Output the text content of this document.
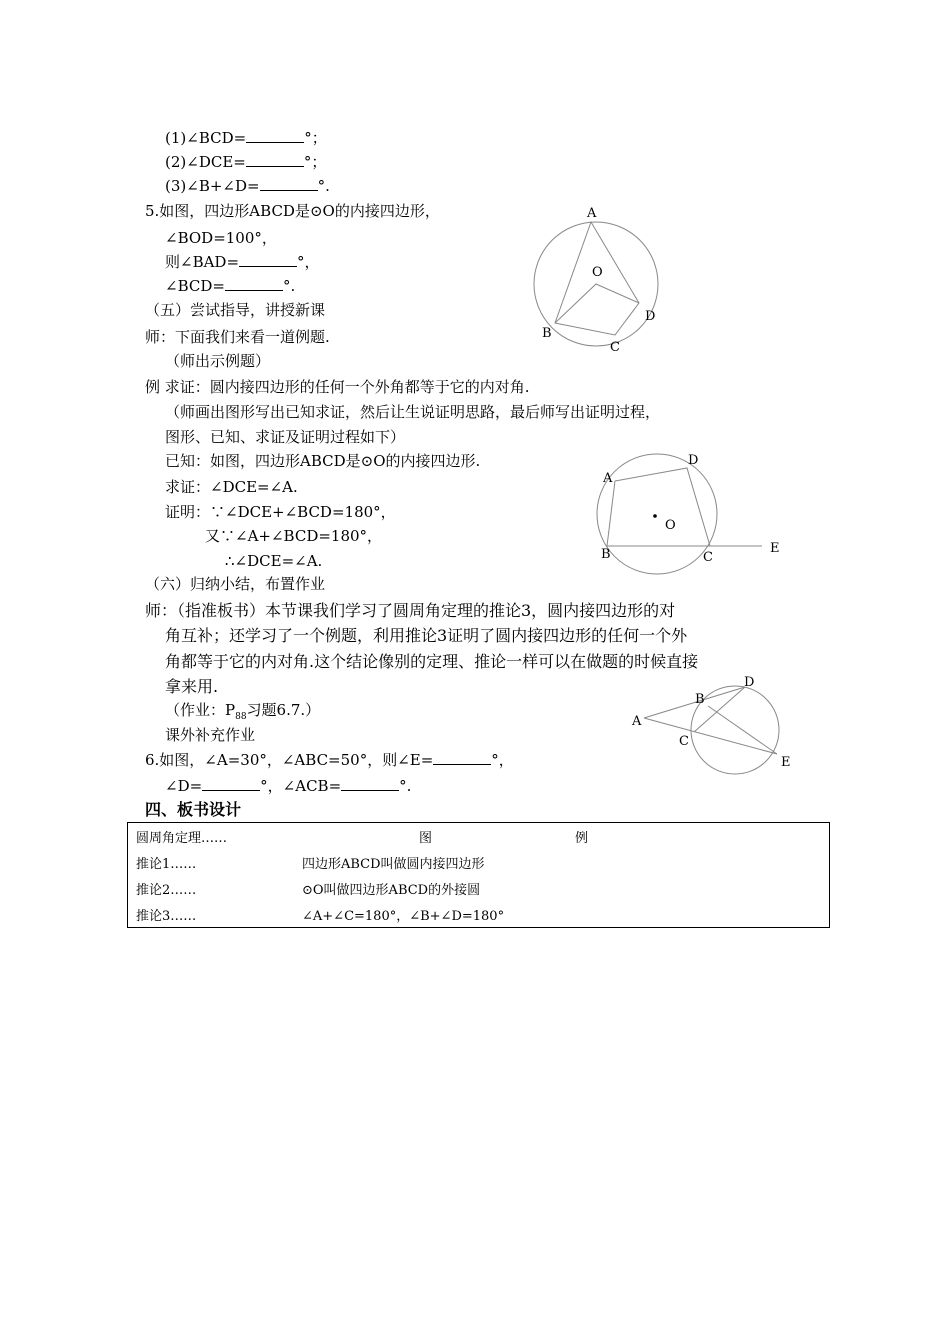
(1)∠BCD=	°；
(2)∠DCE=	°；
(3)∠B+∠D=	°.
5.如图，四边形ABCD是⊙O的内接四边形，
∠BOD=100°，
则∠BAD=	°，
∠BCD=	°.
A
O
D
B
C
（五）尝试指导，讲授新课
师：下面我们来看一道例题.
（师出示例题）
例 求证：圆内接四边形的任何一个外角都等于它的内对角.
（师画出图形写出已知求证，然后让生说证明思路，最后师写出证明过程，
图形、已知、求证及证明过程如下）
已知：如图，四边形ABCD是⊙O的内接四边形.
求证：∠DCE=∠A.
证明：∵∠DCE+∠BCD=180°，
又∵∠A+∠BCD=180°，
∴∠DCE=∠A.
D
A
O
B	C
E
（六）归纳小结，布置作业
师：（指准板书）本节课我们学习了圆周角定理的推论3，圆内接四边形的对
角互补；还学习了一个例题，利用推论3证明了圆内接四边形的任何一个外
角都等于它的内对角.这个结论像别的定理、推论一样可以在做题的时候直接
拿来用.
（作业：$P_{88}$习题6.7.）
课外补充作业
D
B
A
C
E
6.如图，∠A=30°，∠ABC=50°，则∠E=	°，
∠D=	°，∠ACB=	°.
四、板书设计
圆周角定理……	图	例
推论1……	四边形ABCD叫做圆内接四边形	
推论2……	⊙O叫做四边形ABCD的外接圆	
推论3……	∠A+∠C=180°，∠B+∠D=180°	
